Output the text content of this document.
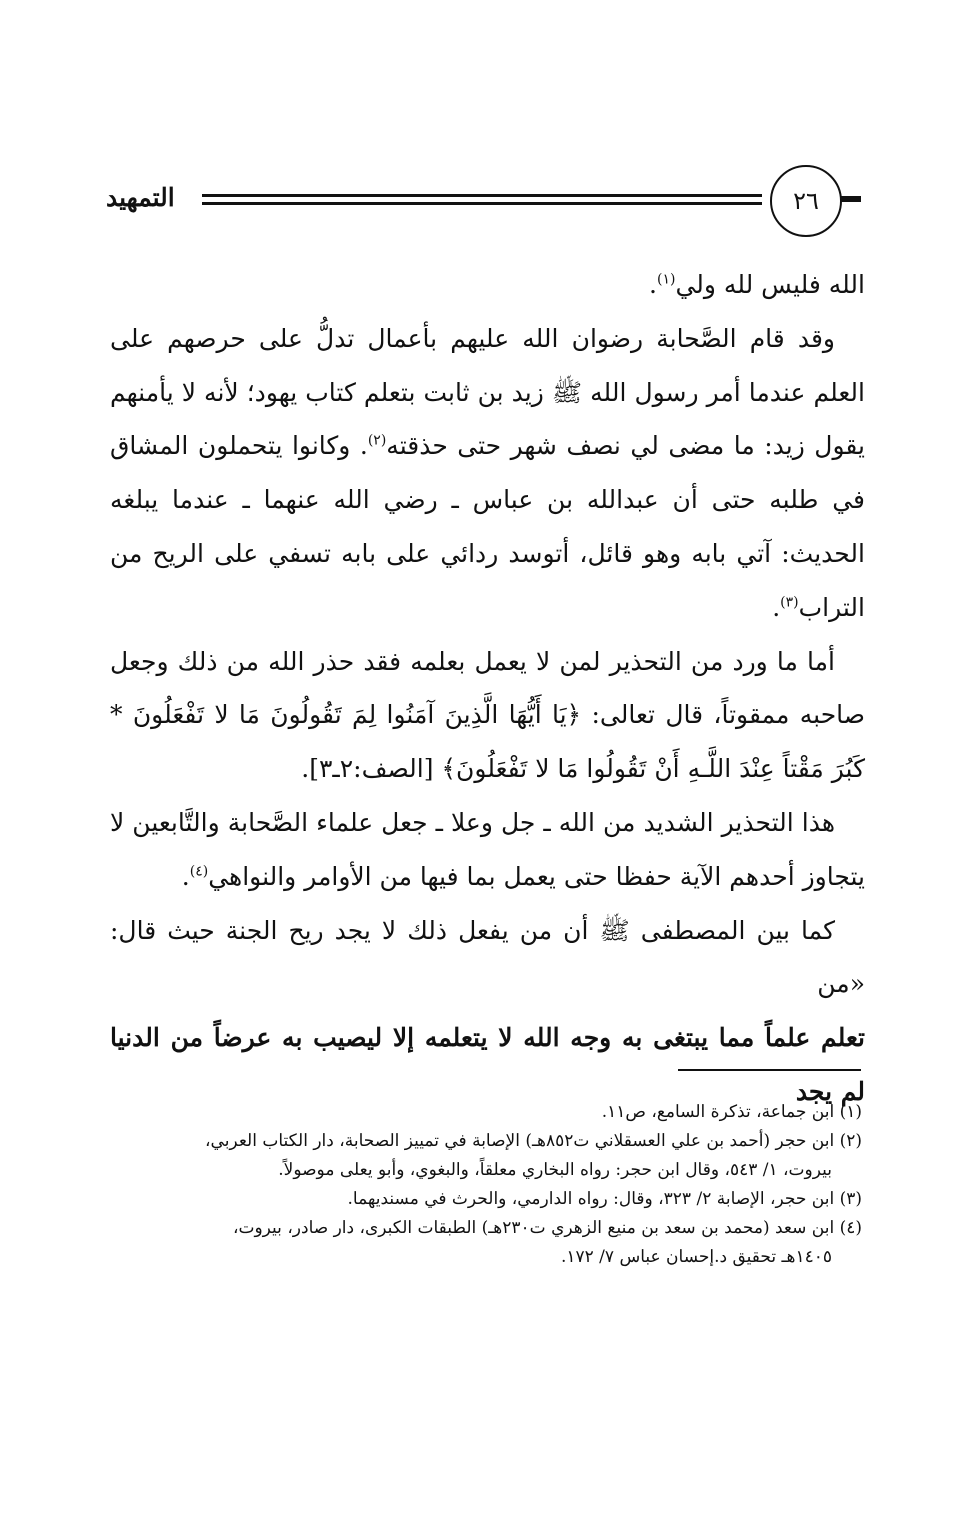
التمهيد	٢٦

الله فليس لله ولي$^{(١)}$.

وقد قام الصَّحابة رضوان الله عليهم بأعمال تدلُّ على حرصهم على العلم عندما أمر رسول الله ﷺ زيد بن ثابت بتعلم كتاب يهود؛ لأنه لا يأمنهم يقول زيد: ما مضى لي نصف شهر حتى حذقته$^{(٢)}$. وكانوا يتحملون المشاق في طلبه حتى أن عبدالله بن عباس ـ رضي الله عنهما ـ عندما يبلغه الحديث: آتي بابه وهو قائل، أتوسد ردائي على بابه تسفي على الريح من التراب$^{(٣)}$.

أما ما ورد من التحذير لمن لا يعمل بعلمه فقد حذر الله من ذلك وجعل صاحبه ممقوتاً، قال تعالى: ﴿يَا أَيُّهَا الَّذِينَ آمَنُوا لِمَ تَقُولُونَ مَا لا تَفْعَلُونَ * كَبُرَ مَقْتاً عِنْدَ اللَّـهِ أَنْ تَقُولُوا مَا لا تَفْعَلُونَ﴾ [الصف:٢ـ٣].

هذا التحذير الشديد من الله ـ جل وعلا ـ جعل علماء الصَّحابة والتَّابعين لا يتجاوز أحدهم الآية حفظا حتى يعمل بما فيها من الأوامر والنواهي$^{(٤)}$.

كما بين المصطفى ﷺ أن من يفعل ذلك لا يجد ريح الجنة حيث قال: «من

تعلم علماً مما يبتغى به وجه الله لا يتعلمه إلا ليصيب به عرضاً من الدنيا لم يجد

(١) ابن جماعة، تذكرة السامع، ص١١.

(٢) ابن حجر (أحمد بن علي العسقلاني ت٨٥٢هـ) الإصابة في تمييز الصحابة، دار الكتاب العربي،

بيروت، ١/ ٥٤٣، وقال ابن حجر: رواه البخاري معلقاً، والبغوي، وأبو يعلى موصولاً.

(٣) ابن حجر، الإصابة ٢/ ٣٢٣، وقال: رواه الدارمي، والحرث في مسنديهما.

(٤) ابن سعد (محمد بن سعد بن منيع الزهري ت٢٣٠هـ) الطبقات الكبرى، دار صادر، بيروت،

١٤٠٥هـ تحقيق د.إحسان عباس ٧/ ١٧٢.
